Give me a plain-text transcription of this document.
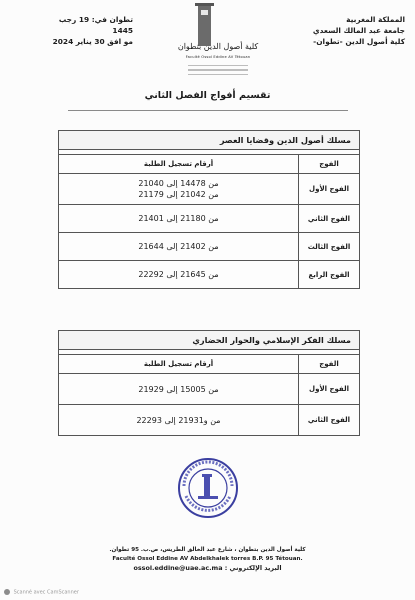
المملكة المغربية
جامعة عبد المالك السعدي
كلية أصول الدين -تطوان-
كلية أصول الدين بتطوان
Faculté Ossol Eddine AV Tétouan
تطوان في: 19 رجب 1445
مو افق 30 يناير 2024
تقسيم أفواج الفصل الثاني
مسلك أصول الدين وقضايا العصر
الفوج
أرقام تسجيل الطلبة
الفوج الأول
من 14478 إلى 21040
من 21042 إلى 21179
الفوج الثاني
من 21180 إلى 21401
الفوج الثالث
من 21402 إلى 21644
الفوج الرابع
من 21645 إلى 22292
مسلك الفكر الإسلامي والحوار الحضاري
الفوج
أرقام تسجيل الطلبة
الفوج الأول
من 15005 إلى 21929
الفوج الثاني
من و21931 إلى 22293
كلية أصول الدين بتطوان ، شارع عبد الخالق الطريس، ص.ب. 95 تطوان.
Faculté Ossol Eddine AV Abdelkhalek torres B.P. 95 Tétouan.
ossol.eddine@uae.ac.ma : البريد الإلكتروني
Scanné avec CamScanner
